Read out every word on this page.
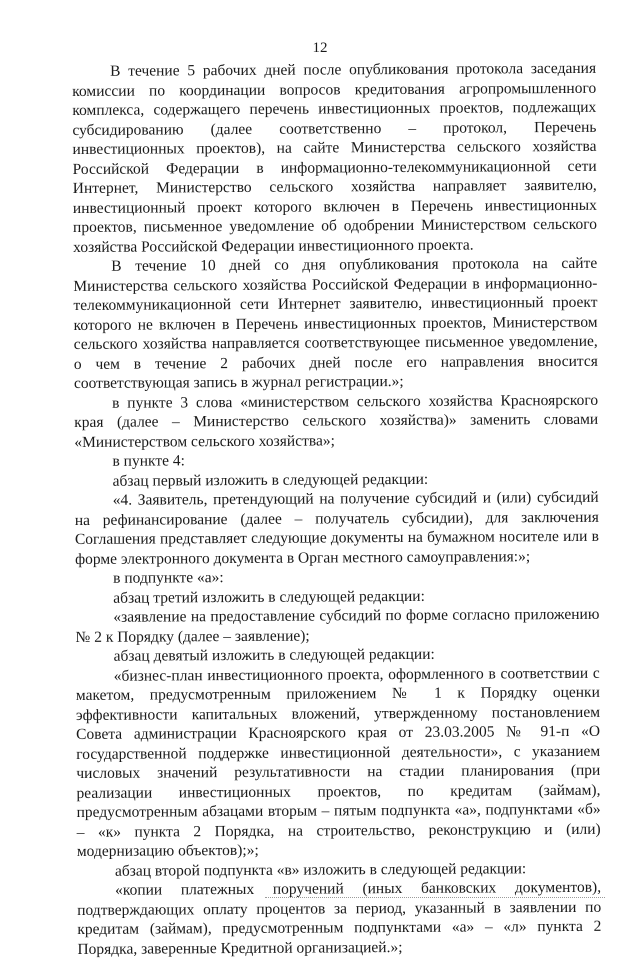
12

В течение 5 рабочих дней после опубликования протокола заседания комиссии по координации вопросов кредитования агропромышленного комплекса, содержащего перечень инвестиционных проектов, подлежащих субсидированию (далее соответственно – протокол, Перечень инвестиционных проектов), на сайте Министерства сельского хозяйства Российской Федерации в информационно-телекоммуникационной сети Интернет, Министерство сельского хозяйства направляет заявителю, инвестиционный проект которого включен в Перечень инвестиционных проектов, письменное уведомление об одобрении Министерством сельского хозяйства Российской Федерации инвестиционного проекта.

В течение 10 дней со дня опубликования протокола на сайте Министерства сельского хозяйства Российской Федерации в информационно-телекоммуникационной сети Интернет заявителю, инвестиционный проект которого не включен в Перечень инвестиционных проектов, Министерством сельского хозяйства направляется соответствующее письменное уведомление, о чем в течение 2 рабочих дней после его направления вносится соответствующая запись в журнал регистрации.»;

в пункте 3 слова «министерством сельского хозяйства Красноярского края (далее – Министерство сельского хозяйства)» заменить словами «Министерством сельского хозяйства»;

в пункте 4:

абзац первый изложить в следующей редакции:

«4. Заявитель, претендующий на получение субсидий и (или) субсидий на рефинансирование (далее – получатель субсидии), для заключения Соглашения представляет следующие документы на бумажном носителе или в форме электронного документа в Орган местного самоуправления:»;

в подпункте «а»:

абзац третий изложить в следующей редакции:

«заявление на предоставление субсидий по форме согласно приложению № 2 к Порядку (далее – заявление);

абзац девятый изложить в следующей редакции:

«бизнес-план инвестиционного проекта, оформленного в соответствии с макетом, предусмотренным приложением № 1 к Порядку оценки эффективности капитальных вложений, утвержденному постановлением Совета администрации Красноярского края от 23.03.2005 № 91-п «О государственной поддержке инвестиционной деятельности», с указанием числовых значений результативности на стадии планирования (при реализации инвестиционных проектов, по кредитам (займам), предусмотренным абзацами вторым – пятым подпункта «а», подпунктами «б» – «к» пункта 2 Порядка, на строительство, реконструкцию и (или) модернизацию объектов);»;

абзац второй подпункта «в» изложить в следующей редакции:

«копии платежных поручений (иных банковских документов), подтверждающих оплату процентов за период, указанный в заявлении по кредитам (займам), предусмотренным подпунктами «а» – «л» пункта 2 Порядка, заверенные Кредитной организацией.»;
